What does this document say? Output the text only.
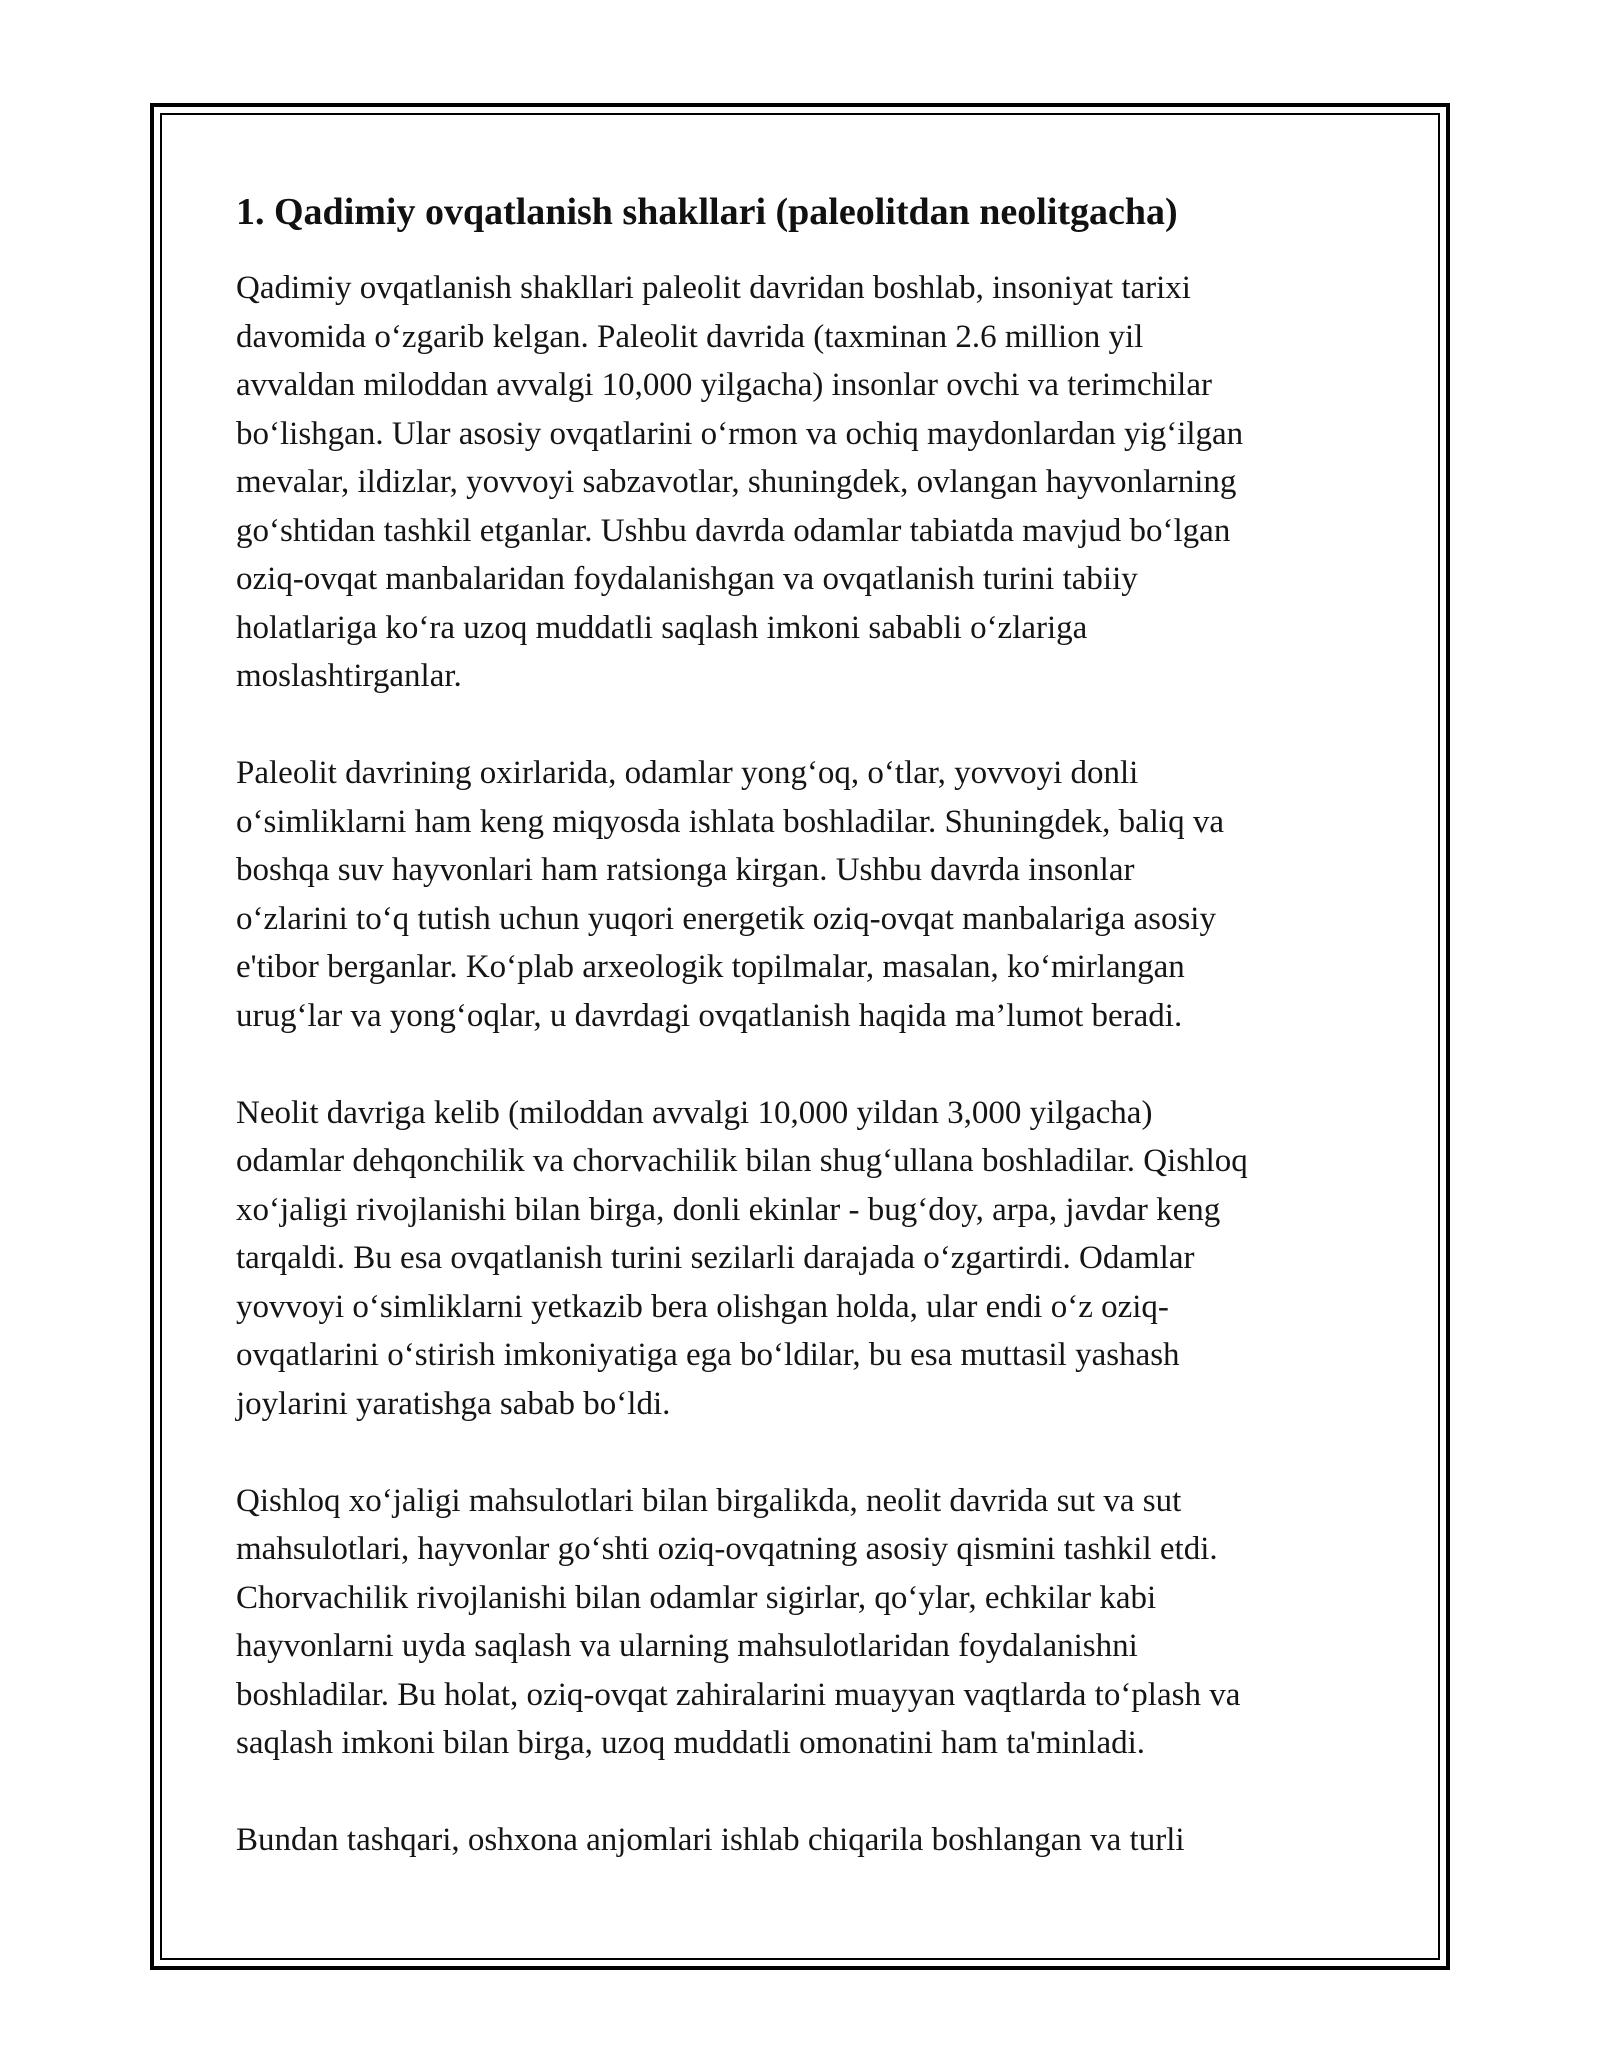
1. Qadimiy ovqatlanish shakllari (paleolitdan neolitgacha)

Qadimiy ovqatlanish shakllari paleolit davridan boshlab, insoniyat tarixi
davomida o‘zgarib kelgan. Paleolit davrida (taxminan 2.6 million yil
avvaldan miloddan avvalgi 10,000 yilgacha) insonlar ovchi va terimchilar
bo‘lishgan. Ular asosiy ovqatlarini o‘rmon va ochiq maydonlardan yig‘ilgan
mevalar, ildizlar, yovvoyi sabzavotlar, shuningdek, ovlangan hayvonlarning
go‘shtidan tashkil etganlar. Ushbu davrda odamlar tabiatda mavjud bo‘lgan
oziq-ovqat manbalaridan foydalanishgan va ovqatlanish turini tabiiy
holatlariga ko‘ra uzoq muddatli saqlash imkoni sababli o‘zlariga
moslashtirganlar.

Paleolit davrining oxirlarida, odamlar yong‘oq, o‘tlar, yovvoyi donli
o‘simliklarni ham keng miqyosda ishlata boshladilar. Shuningdek, baliq va
boshqa suv hayvonlari ham ratsionga kirgan. Ushbu davrda insonlar
o‘zlarini to‘q tutish uchun yuqori energetik oziq-ovqat manbalariga asosiy
e'tibor berganlar. Ko‘plab arxeologik topilmalar, masalan, ko‘mirlangan
urug‘lar va yong‘oqlar, u davrdagi ovqatlanish haqida ma’lumot beradi.

Neolit davriga kelib (miloddan avvalgi 10,000 yildan 3,000 yilgacha)
odamlar dehqonchilik va chorvachilik bilan shug‘ullana boshladilar. Qishloq
xo‘jaligi rivojlanishi bilan birga, donli ekinlar - bug‘doy, arpa, javdar keng
tarqaldi. Bu esa ovqatlanish turini sezilarli darajada o‘zgartirdi. Odamlar
yovvoyi o‘simliklarni yetkazib bera olishgan holda, ular endi o‘z oziq-
ovqatlarini o‘stirish imkoniyatiga ega bo‘ldilar, bu esa muttasil yashash
joylarini yaratishga sabab bo‘ldi.

Qishloq xo‘jaligi mahsulotlari bilan birgalikda, neolit davrida sut va sut
mahsulotlari, hayvonlar go‘shti oziq-ovqatning asosiy qismini tashkil etdi.
Chorvachilik rivojlanishi bilan odamlar sigirlar, qo‘ylar, echkilar kabi
hayvonlarni uyda saqlash va ularning mahsulotlaridan foydalanishni
boshladilar. Bu holat, oziq-ovqat zahiralarini muayyan vaqtlarda to‘plash va
saqlash imkoni bilan birga, uzoq muddatli omonatini ham ta'minladi.

Bundan tashqari, oshxona anjomlari ishlab chiqarila boshlangan va turli
